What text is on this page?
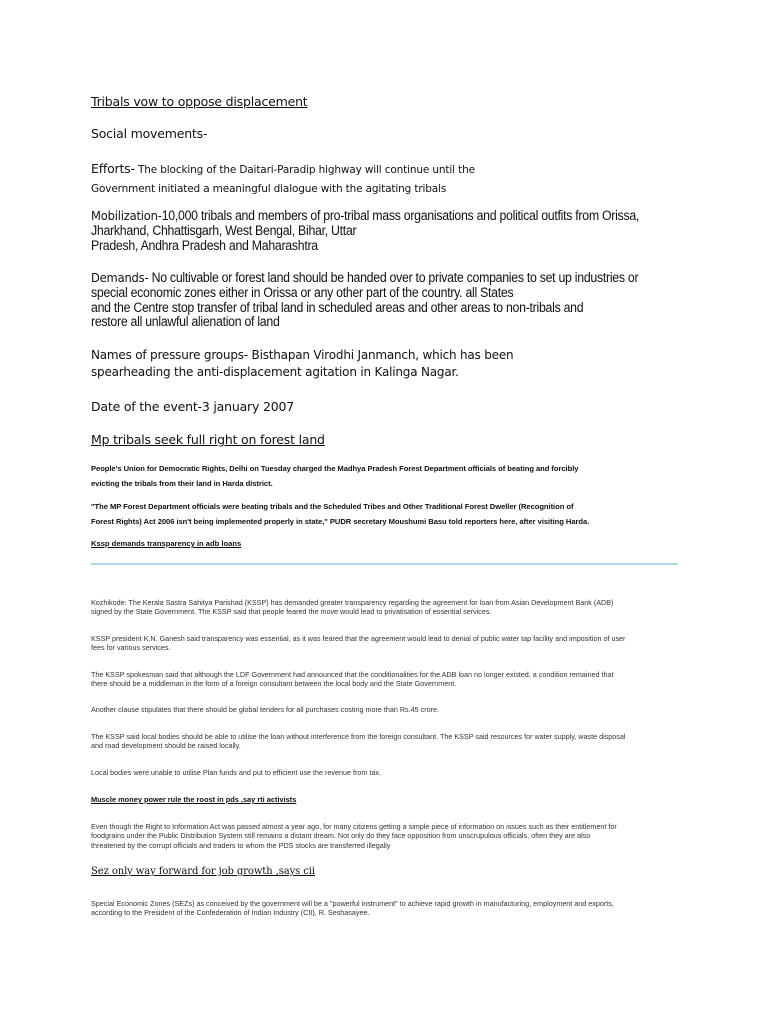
Tribals vow to oppose displacement
Social movements-
Efforts- The blocking of the Daitari-Paradip highway will continue until the
Government initiated a meaningful dialogue with the agitating tribals
Mobilization-10,000 tribals and members of pro-tribal mass organisations and political outfits from Orissa,
Jharkhand, Chhattisgarh, West Bengal, Bihar, Uttar
Pradesh, Andhra Pradesh and Maharashtra
Demands- No cultivable or forest land should be handed over to private companies to set up industries or
special economic zones either in Orissa or any other part of the country. all States
and the Centre stop transfer of tribal land in scheduled areas and other areas to non-tribals and
restore all unlawful alienation of land
Names of pressure groups- Bisthapan Virodhi Janmanch, which has been
spearheading the anti-displacement agitation in Kalinga Nagar.
Date of the event-3 january 2007
Mp tribals seek full right on forest land
People's Union for Democratic Rights, Delhi on Tuesday charged the Madhya Pradesh Forest Department officials of beating and forcibly
evicting the tribals from their land in Harda district.
"The MP Forest Department officials were beating tribals and the Scheduled Tribes and Other Traditional Forest Dweller (Recognition of
Forest Rights) Act 2006 isn't being implemented properly in state," PUDR secretary Moushumi Basu told reporters here, after visiting Harda.
Kssp demands transparency in adb loans
Kozhikode: The Kerala Sastra Sahitya Parishad (KSSP) has demanded greater transparency regarding the agreement for loan from Asian Development Bank (ADB)
signed by the State Government. The KSSP said that people feared the move would lead to privatisation of essential services.
KSSP president K.N. Ganesh said transparency was essential, as it was feared that the agreement would lead to denial of public water tap facility and imposition of user
fees for various services.
The KSSP spokesman said that although the LDF Government had announced that the conditionalities for the ADB loan no longer existed, a condition remained that
there should be a middleman in the form of a foreign consultant between the local body and the State Government.
Another clause stipulates that there should be global tenders for all purchases costing more than Rs.45 crore.
The KSSP said local bodies should be able to utilise the loan without interference from the foreign consultant. The KSSP said resources for water supply, waste disposal
and road development should be raised locally.
Local bodies were unable to utilise Plan funds and put to efficient use the revenue from tax.
Muscle money power rule the roost in pds ,say rti activists
Even though the Right to Information Act was passed almost a year ago, for many citizens getting a simple piece of information on issues such as their entitlement for
foodgrains under the Public Distribution System still remains a distant dream. Not only do they face opposition from unscrupulous officials, often they are also
threatened by the corrupt officials and traders to whom the PDS stocks are transferred illegally
Sez only way forward for job growth ,says cii
Special Economic Zones (SEZs) as conceived by the government will be a "powerful instrument" to achieve rapid growth in manufacturing, employment and exports,
according to the President of the Confederation of Indian Industry (CII), R. Seshasayee.
